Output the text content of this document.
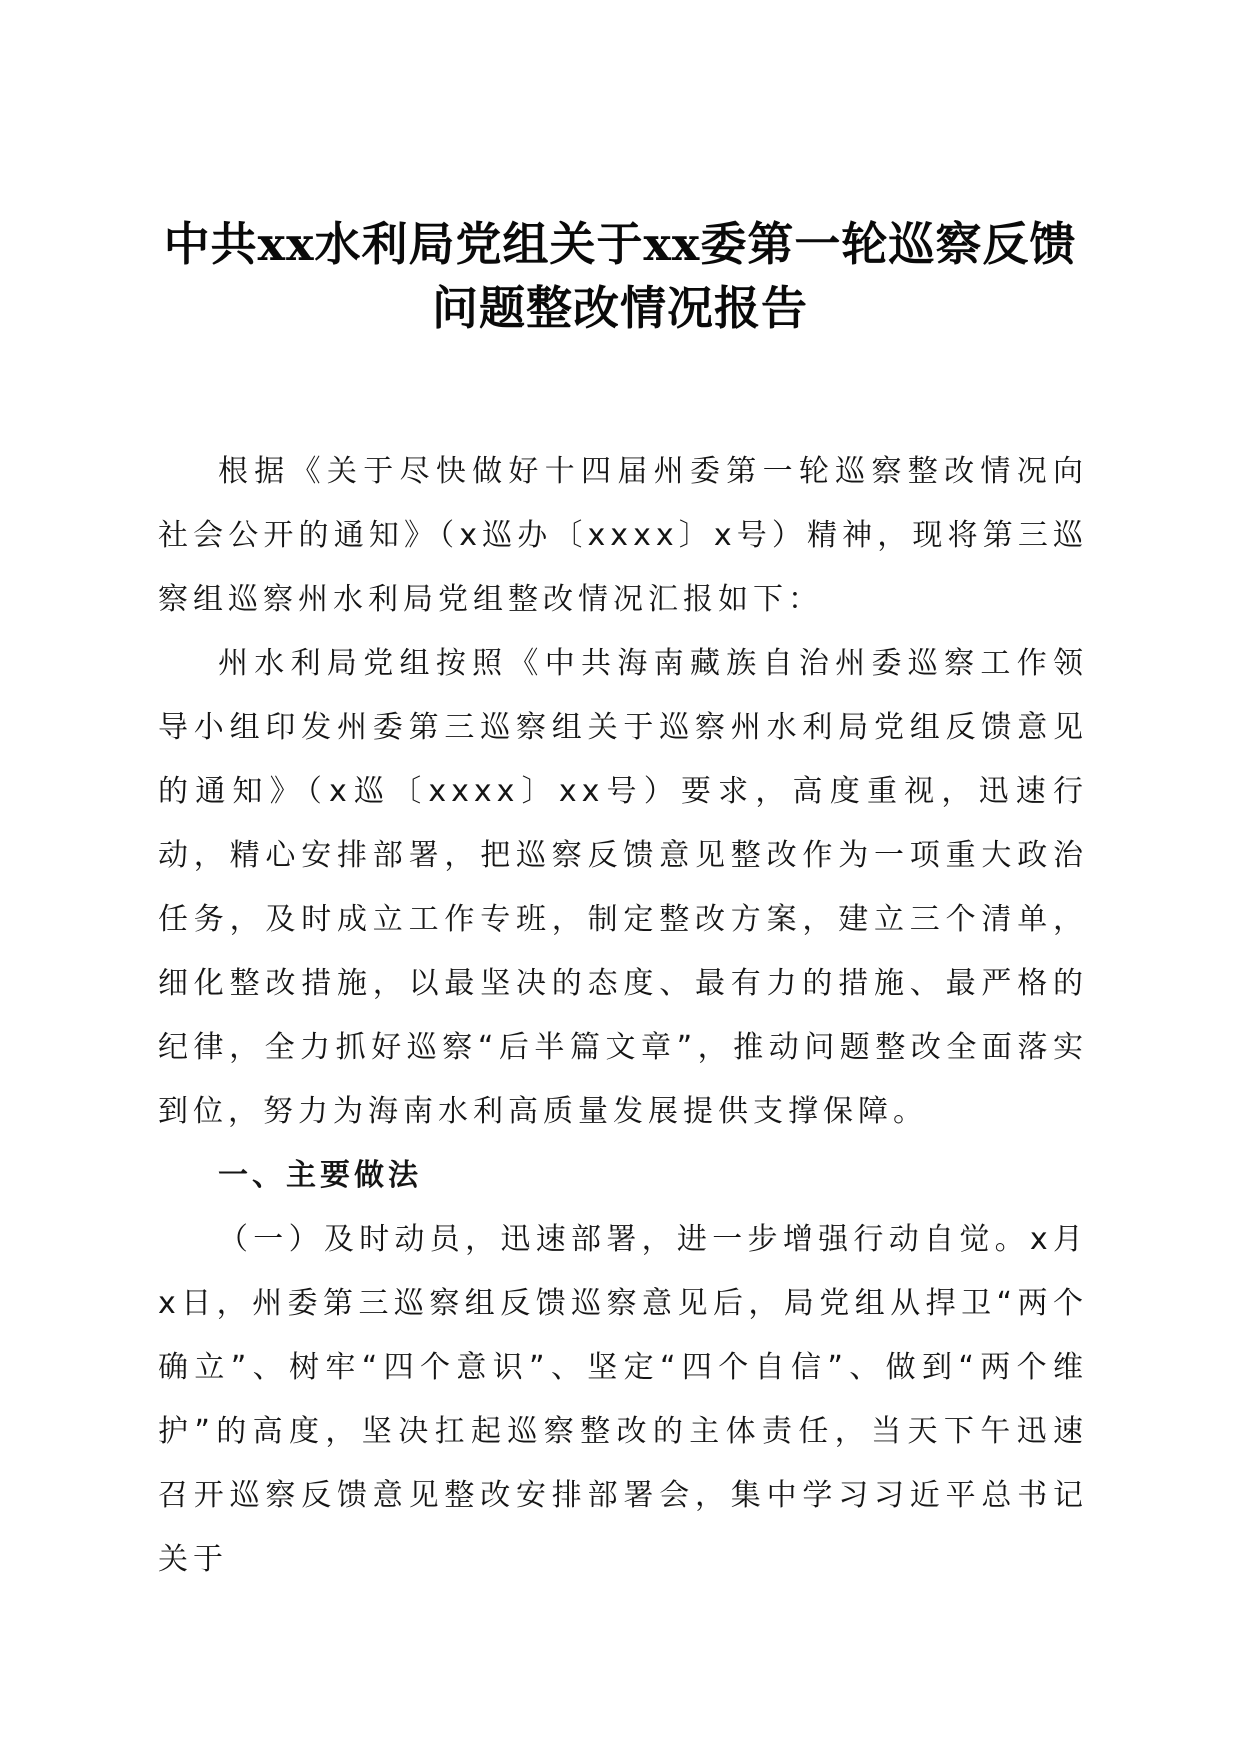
中共xx水利局党组关于xx委第一轮巡察反馈
问题整改情况报告

根据《关于尽快做好十四届州委第一轮巡察整改情况向社会公开的通知》（x巡办〔xxxx〕x号）精神，现将第三巡察组巡察州水利局党组整改情况汇报如下：

州水利局党组按照《中共海南藏族自治州委巡察工作领导小组印发州委第三巡察组关于巡察州水利局党组反馈意见的通知》（x巡〔xxxx〕xx号）要求，高度重视，迅速行动，精心安排部署，把巡察反馈意见整改作为一项重大政治任务，及时成立工作专班，制定整改方案，建立三个清单，细化整改措施，以最坚决的态度、最有力的措施、最严格的纪律，全力抓好巡察“后半篇文章”，推动问题整改全面落实到位，努力为海南水利高质量发展提供支撑保障。

一、主要做法

（一）及时动员，迅速部署，进一步增强行动自觉。x月x日，州委第三巡察组反馈巡察意见后，局党组从捍卫“两个确立”、树牢“四个意识”、坚定“四个自信”、做到“两个维护”的高度，坚决扛起巡察整改的主体责任，当天下午迅速召开巡察反馈意见整改安排部署会，集中学习习近平总书记关于
